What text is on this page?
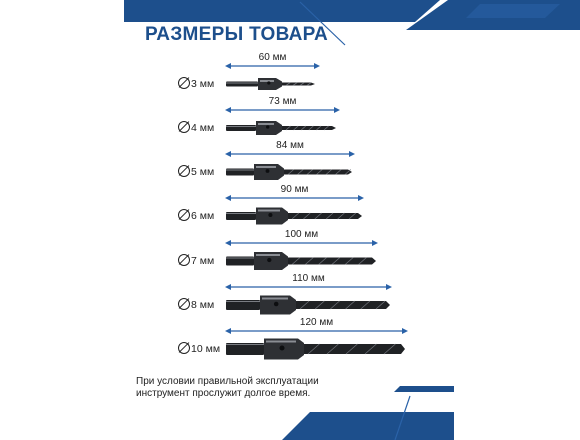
РАЗМЕРЫ ТОВАРА
3 мм
60 мм
4 мм
73 мм
5 мм
84 мм
6 мм
90 мм
7 мм
100 мм
8 мм
110 мм
10 мм
120 мм
При условии правильной эксплуатации
инструмент прослужит долгое время.
